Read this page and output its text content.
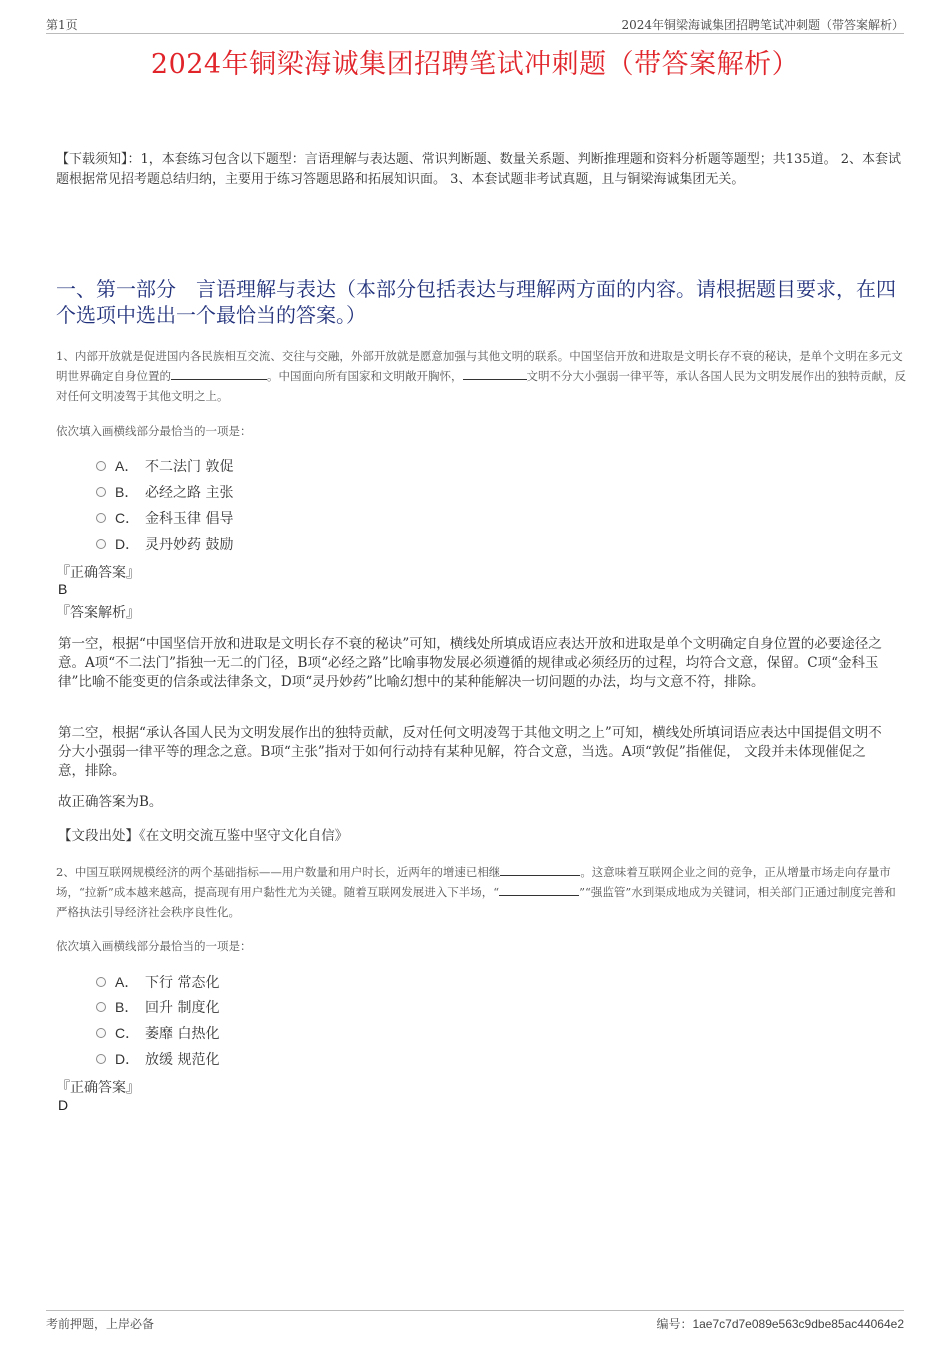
第1页	2024年铜梁海诚集团招聘笔试冲刺题（带答案解析）
2024年铜梁海诚集团招聘笔试冲刺题（带答案解析）
【下载须知】：1，本套练习包含以下题型：言语理解与表达题、常识判断题、数量关系题、判断推理题和资料分析题等题型；共135道。 2、本套试题根据常见招考题总结归纳，主要用于练习答题思路和拓展知识面。 3、本套试题非考试真题，且与铜梁海诚集团无关。
一、第一部分　言语理解与表达（本部分包括表达与理解两方面的内容。请根据题目要求，在四个选项中选出一个最恰当的答案。）
1、内部开放就是促进国内各民族相互交流、交往与交融，外部开放就是愿意加强与其他文明的联系。中国坚信开放和进取是文明长存不衰的秘诀，是单个文明在多元文明世界确定自身位置的	。中国面向所有国家和文明敞开胸怀，	文明不分大小强弱一律平等，承认各国人民为文明发展作出的独特贡献，反对任何文明凌驾于其他文明之上。
依次填入画横线部分最恰当的一项是：
A． 不二法门 敦促
B． 必经之路 主张
C． 金科玉律 倡导
D． 灵丹妙药 鼓励
『正确答案』
B
『答案解析』
第一空，根据“中国坚信开放和进取是文明长存不衰的秘诀”可知，横线处所填成语应表达开放和进取是单个文明确定自身位置的必要途径之意。A项“不二法门”指独一无二的门径，B项“必经之路”比喻事物发展必须遵循的规律或必须经历的过程，均符合文意，保留。C项“金科玉律”比喻不能变更的信条或法律条文，D项“灵丹妙药”比喻幻想中的某种能解决一切问题的办法，均与文意不符，排除。
第二空，根据“承认各国人民为文明发展作出的独特贡献，反对任何文明凌驾于其他文明之上”可知，横线处所填词语应表达中国提倡文明不分大小强弱一律平等的理念之意。B项“主张”指对于如何行动持有某种见解，符合文意，当选。A项“敦促”指催促， 文段并未体现催促之意，排除。
故正确答案为B。
【文段出处】《在文明交流互鉴中坚守文化自信》
2、中国互联网规模经济的两个基础指标——用户数量和用户时长，近两年的增速已相继	。这意味着互联网企业之间的竞争，正从增量市场走向存量市场，“拉新”成本越来越高，提高现有用户黏性尤为关键。随着互联网发展进入下半场，“	”“强监管”水到渠成地成为关键词，相关部门正通过制度完善和严格执法引导经济社会秩序良性化。
依次填入画横线部分最恰当的一项是：
A． 下行 常态化
B． 回升 制度化
C． 萎靡 白热化
D． 放缓 规范化
『正确答案』
D
考前押题，上岸必备	编号：1ae7c7d7e089e563c9dbe85ac44064e2
